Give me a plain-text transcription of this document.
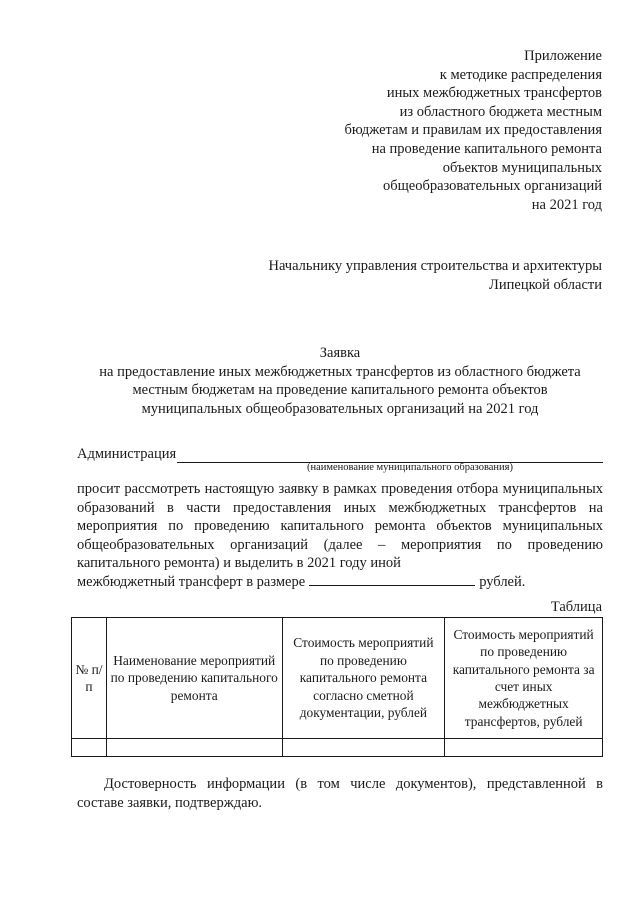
Приложение
к методике распределения
иных межбюджетных трансфертов
из областного бюджета местным
бюджетам и правилам их предоставления
на проведение капитального ремонта
объектов муниципальных
общеобразовательных организаций
на 2021 год
Начальнику управления строительства и архитектуры
Липецкой области
Заявка
на предоставление иных межбюджетных трансфертов из областного бюджета
местным бюджетам на проведение капитального ремонта объектов
муниципальных общеобразовательных организаций на 2021 год
Администрация
(наименование муниципального образования)
просит рассмотреть настоящую заявку в рамках проведения отбора муниципальных образований в части предоставления иных межбюджетных трансфертов на мероприятия по проведению капитального ремонта объектов муниципальных общеобразовательных организаций (далее – мероприятия по проведению капитального ремонта) и выделить в 2021 году иной
межбюджетный трансферт в размере	рублей.
Таблица
№ п/п	Наименование мероприятий по проведению капитального ремонта	Стоимость мероприятий по проведению капитального ремонта согласно сметной документации, рублей	Стоимость мероприятий по проведению капитального ремонта за счет иных межбюджетных трансфертов, рублей

Достоверность информации (в том числе документов), представленной в составе заявки, подтверждаю.
